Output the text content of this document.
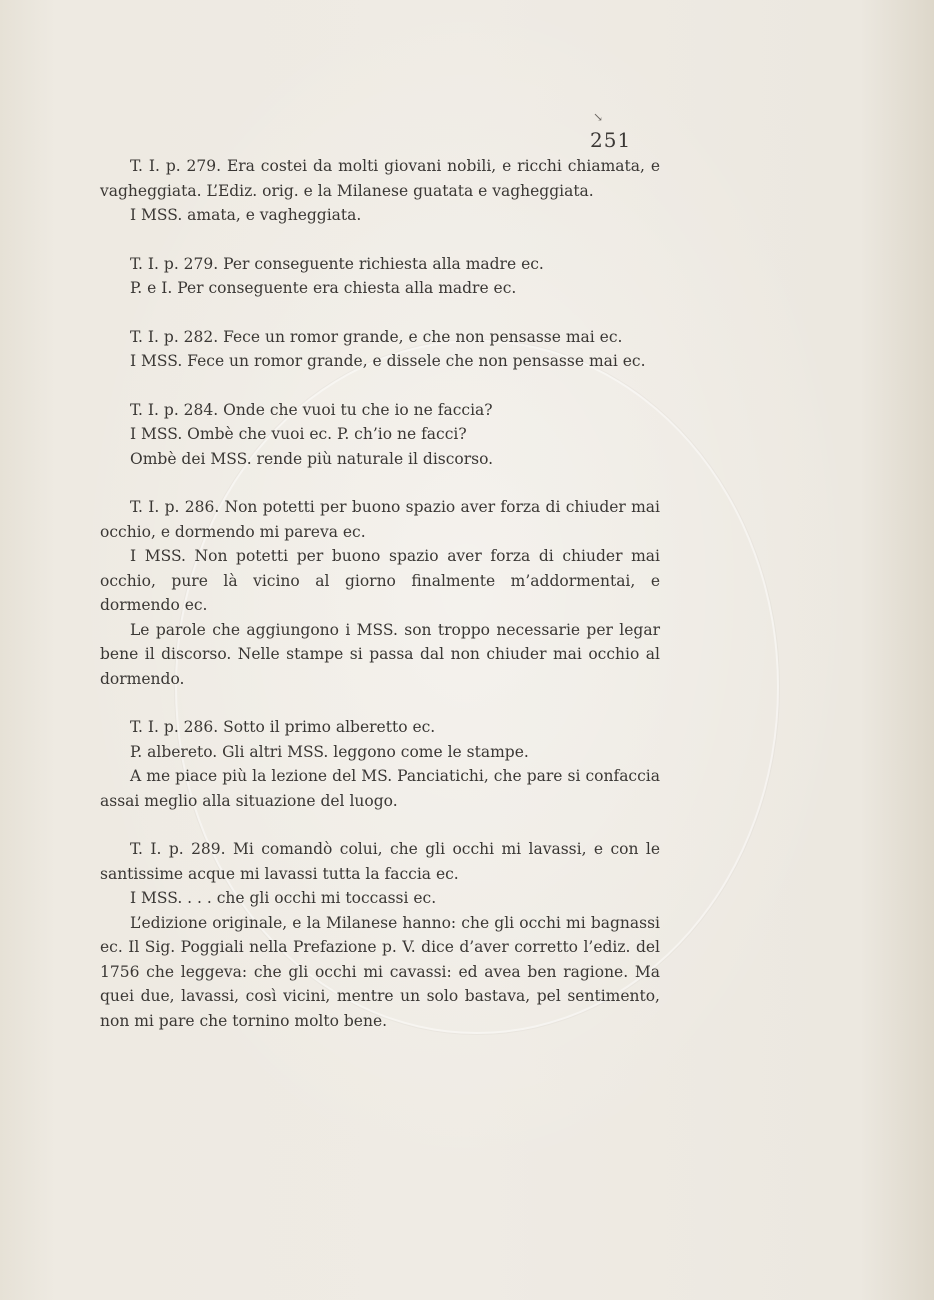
↘
251

T. I. p. 279. Era costei da molti giovani nobili, e ricchi chiamata, e vagheggiata. L’Ediz. orig. e la Milanese guatata e vagheggiata.

I MSS. amata, e vagheggiata.

T. I. p. 279. Per conseguente richiesta alla madre ec.

P. e I. Per conseguente era chiesta alla madre ec.

T. I. p. 282. Fece un romor grande, e che non pensasse mai ec.

I MSS. Fece un romor grande, e dissele che non pensasse mai ec.

T. I. p. 284. Onde che vuoi tu che io ne faccia?

I MSS. Ombè che vuoi ec. P. ch’io ne facci?

Ombè dei MSS. rende più naturale il discorso.

T. I. p. 286. Non potetti per buono spazio aver forza di chiuder mai occhio, e dormendo mi pareva ec.

I MSS. Non potetti per buono spazio aver forza di chiuder mai occhio, pure là vicino al giorno finalmente m’addormentai, e dormendo ec.

Le parole che aggiungono i MSS. son troppo necessarie per legar bene il discorso. Nelle stampe si passa dal non chiuder mai occhio al dormendo.

T. I. p. 286. Sotto il primo alberetto ec.

P. albereto. Gli altri MSS. leggono come le stampe.

A me piace più la lezione del MS. Panciatichi, che pare si confaccia assai meglio alla situazione del luogo.

T. I. p. 289. Mi comandò colui, che gli occhi mi lavassi, e con le santissime acque mi lavassi tutta la faccia ec.

I MSS. . . . che gli occhi mi toccassi ec.

L’edizione originale, e la Milanese hanno: che gli occhi mi bagnassi ec. Il Sig. Poggiali nella Prefazione p. V. dice d’aver corretto l’ediz. del 1756 che leggeva: che gli occhi mi cavassi: ed avea ben ragione. Ma quei due, lavassi, così vicini, mentre un solo bastava, pel sentimento, non mi pare che tornino molto bene.
